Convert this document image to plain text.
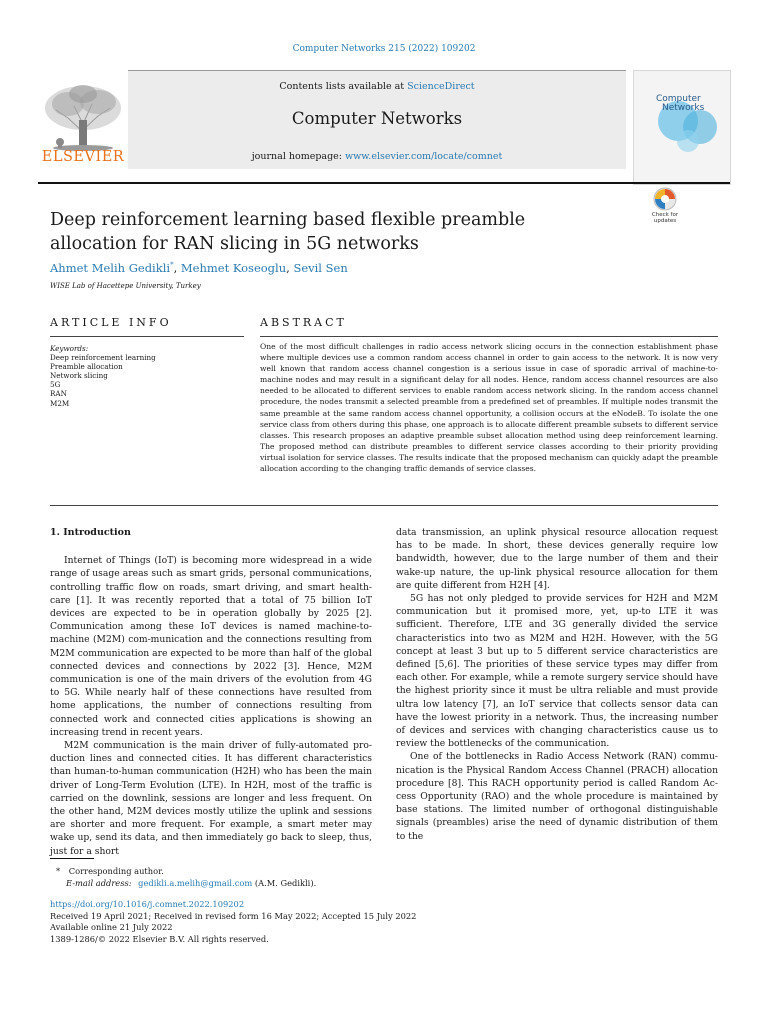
Computer Networks 215 (2022) 109202
ELSEVIER
Contents lists available at ScienceDirect
Computer Networks
journal homepage: www.elsevier.com/locate/comnet
Computer
Networks
Deep reinforcement learning based flexible preamble allocation for RAN slicing in 5G networks
Check for
updates
Ahmet Melih Gedikli*, Mehmet Koseoglu, Sevil Sen
WISE Lab of Hacettepe University, Turkey
ARTICLE INFO	ABSTRACT
Keywords:
Deep reinforcement learning
Preamble allocation
Network slicing
5G
RAN
M2M
One of the most difficult challenges in radio access network slicing occurs in the connection establishment phase where multiple devices use a common random access channel in order to gain access to the network. It is now very well known that random access channel congestion is a serious issue in case of sporadic arrival of machine-to-machine nodes and may result in a significant delay for all nodes. Hence, random access channel resources are also needed to be allocated to different services to enable random access network slicing. In the random access channel procedure, the nodes transmit a selected preamble from a predefined set of preambles. If multiple nodes transmit the same preamble at the same random access channel opportunity, a collision occurs at the eNodeB. To isolate the one service class from others during this phase, one approach is to allocate different preamble subsets to different service classes. This research proposes an adaptive preamble subset allocation method using deep reinforcement learning. The proposed method can distribute preambles to different service classes according to their priority providing virtual isolation for service classes. The results indicate that the proposed mechanism can quickly adapt the preamble allocation according to the changing traffic demands of service classes.
1. Introduction

Internet of Things (IoT) is becoming more widespread in a wide range of usage areas such as smart grids, personal communications, controlling traffic flow on roads, smart driving, and smart health-care [1]. It was recently reported that a total of 75 billion IoT devices are expected to be in operation globally by 2025 [2]. Communication among these IoT devices is named machine-to-machine (M2M) com-munication and the connections resulting from M2M communication are expected to be more than half of the global connected devices and connections by 2022 [3]. Hence, M2M communication is one of the main drivers of the evolution from 4G to 5G. While nearly half of these connections have resulted from home applications, the number of connections resulting from connected work and connected cities applications is showing an increasing trend in recent years.

M2M communication is the main driver of fully-automated pro-duction lines and connected cities. It has different characteristics than human-to-human communication (H2H) who has been the main driver of Long-Term Evolution (LTE). In H2H, most of the traffic is carried on the downlink, sessions are longer and less frequent. On the other hand, M2M devices mostly utilize the uplink and sessions are shorter and more frequent. For example, a smart meter may wake up, send its data, and then immediately go back to sleep, thus, just for a short

data transmission, an uplink physical resource allocation request has to be made. In short, these devices generally require low bandwidth, however, due to the large number of them and their wake-up nature, the up-link physical resource allocation for them are quite different from H2H [4].

5G has not only pledged to provide services for H2H and M2M communication but it promised more, yet, up-to LTE it was sufficient. Therefore, LTE and 3G generally divided the service characteristics into two as M2M and H2H. However, with the 5G concept at least 3 but up to 5 different service characteristics are defined [5,6]. The priorities of these service types may differ from each other. For example, while a remote surgery service should have the highest priority since it must be ultra reliable and must provide ultra low latency [7], an IoT service that collects sensor data can have the lowest priority in a network. Thus, the increasing number of devices and services with changing characteristics cause us to review the bottlenecks of the communication.

One of the bottlenecks in Radio Access Network (RAN) commu-nication is the Physical Random Access Channel (PRACH) allocation procedure [8]. This RACH opportunity period is called Random Ac-cess Opportunity (RAO) and the whole procedure is maintained by base stations. The limited number of orthogonal distinguishable signals (preambles) arise the need of dynamic distribution of them to the

* Corresponding author.
E-mail address: gedikli.a.melih@gmail.com (A.M. Gedikli).
https://doi.org/10.1016/j.comnet.2022.109202
Received 19 April 2021; Received in revised form 16 May 2022; Accepted 15 July 2022
Available online 21 July 2022
1389-1286/© 2022 Elsevier B.V. All rights reserved.
